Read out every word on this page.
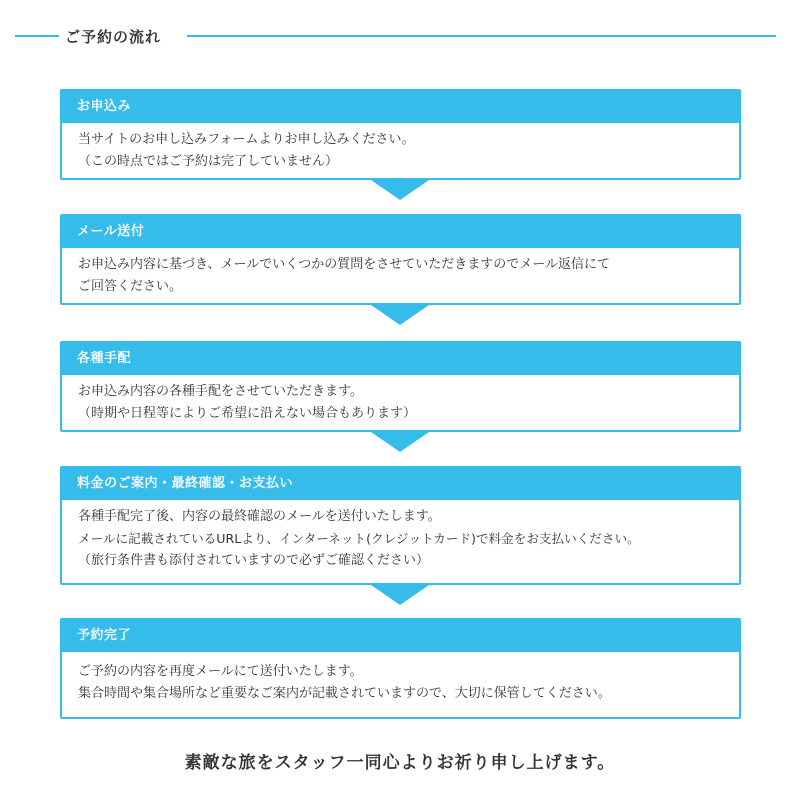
ご予約の流れ
お申込み
当サイトのお申し込みフォームよりお申し込みください。
（この時点ではご予約は完了していません）
メール送付
お申込み内容に基づき、メールでいくつかの質問をさせていただきますのでメール返信にて
ご回答ください。
各種手配
お申込み内容の各種手配をさせていただきます。
（時期や日程等によりご希望に沿えない場合もあります）
料金のご案内・最終確認・お支払い
各種手配完了後、内容の最終確認のメールを送付いたします。
メールに記載されているURLより、インターネット(クレジットカード)で料金をお支払いください。
（旅行条件書も添付されていますので必ずご確認ください）
予約完了
ご予約の内容を再度メールにて送付いたします。
集合時間や集合場所など重要なご案内が記載されていますので、大切に保管してください。
素敵な旅をスタッフ一同心よりお祈り申し上げます。
